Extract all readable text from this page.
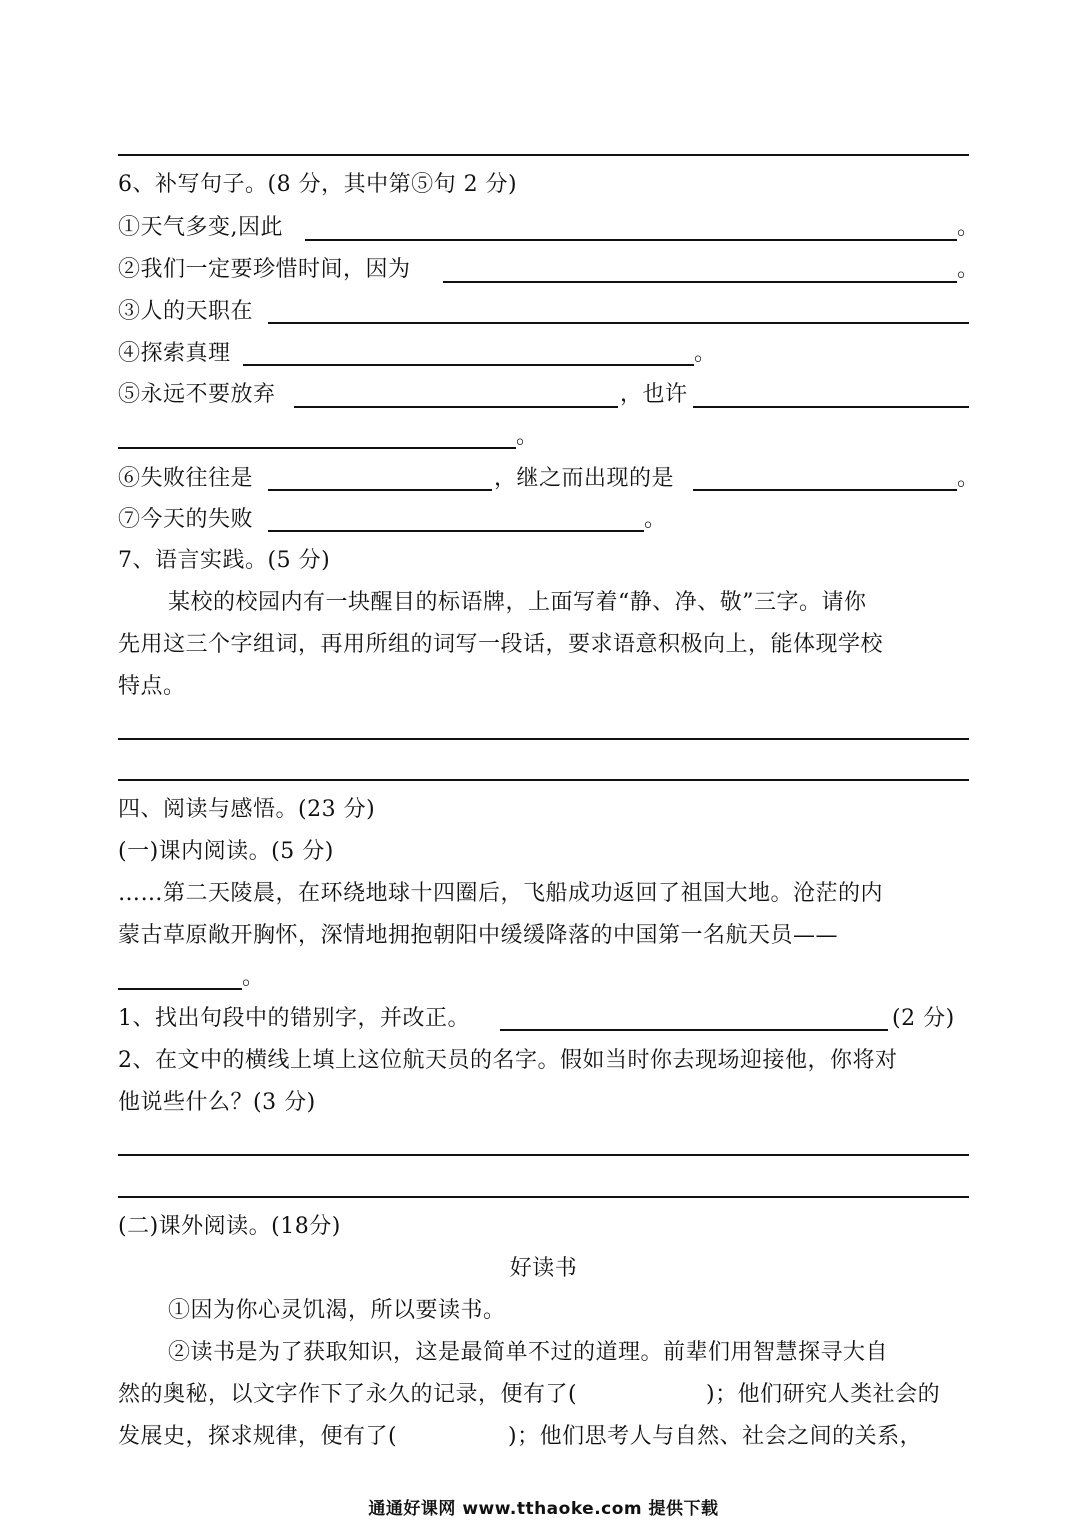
6、补写句子。(8 分，其中第⑤句 2 分)
①天气多变,因此	。
②我们一定要珍惜时间，因为	。
③人的天职在
④探索真理	。
⑤永远不要放弃	，也许
。
⑥失败往往是	，继之而出现的是	。
⑦今天的失败	。
7、语言实践。(5 分)
某校的校园内有一块醒目的标语牌，上面写着“静、净、敬”三字。请你
先用这三个字组词，再用所组的词写一段话，要求语意积极向上，能体现学校
特点。
四、阅读与感悟。(23 分)
(一)课内阅读。(5 分)
……第二天陵晨，在环绕地球十四圈后，飞船成功返回了祖国大地。沧茫的内
蒙古草原敞开胸怀，深情地拥抱朝阳中缓缓降落的中国第一名航天员——
。
1、找出句段中的错别字，并改正。	(2 分)
2、在文中的横线上填上这位航天员的名字。假如当时你去现场迎接他，你将对
他说些什么？(3 分)
(二)课外阅读。(18分)
好读书
①因为你心灵饥渴，所以要读书。
②读书是为了获取知识，这是最简单不过的道理。前辈们用智慧探寻大自
然的奥秘，以文字作下了永久的记录，便有了(	)；他们研究人类社会的
发展史，探求规律，便有了(	)；他们思考人与自然、社会之间的关系，
通通好课网 www.tthaoke.com 提供下载
